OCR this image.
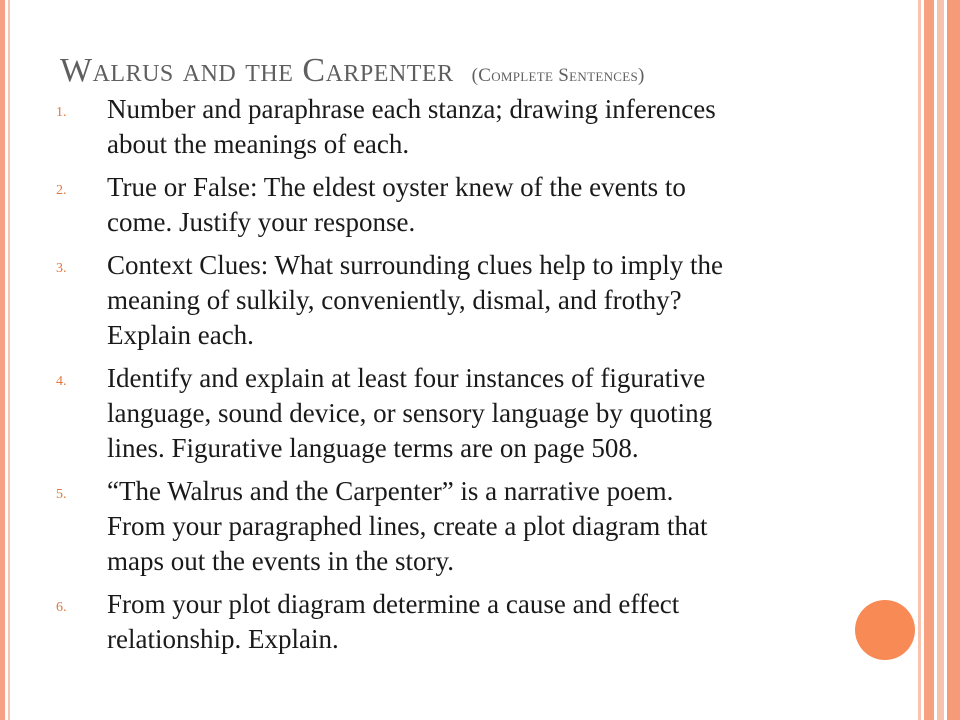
Walrus and the Carpenter (Complete Sentences)
1. Number and paraphrase each stanza; drawing inferences
about the meanings of each.
2. True or False: The eldest oyster knew of the events to
come. Justify your response.
3. Context Clues: What surrounding clues help to imply the
meaning of sulkily, conveniently, dismal, and frothy?
Explain each.
4. Identify and explain at least four instances of figurative
language, sound device, or sensory language by quoting
lines. Figurative language terms are on page 508.
5. “The Walrus and the Carpenter” is a narrative poem.
From your paragraphed lines, create a plot diagram that
maps out the events in the story.
6. From your plot diagram determine a cause and effect
relationship. Explain.
